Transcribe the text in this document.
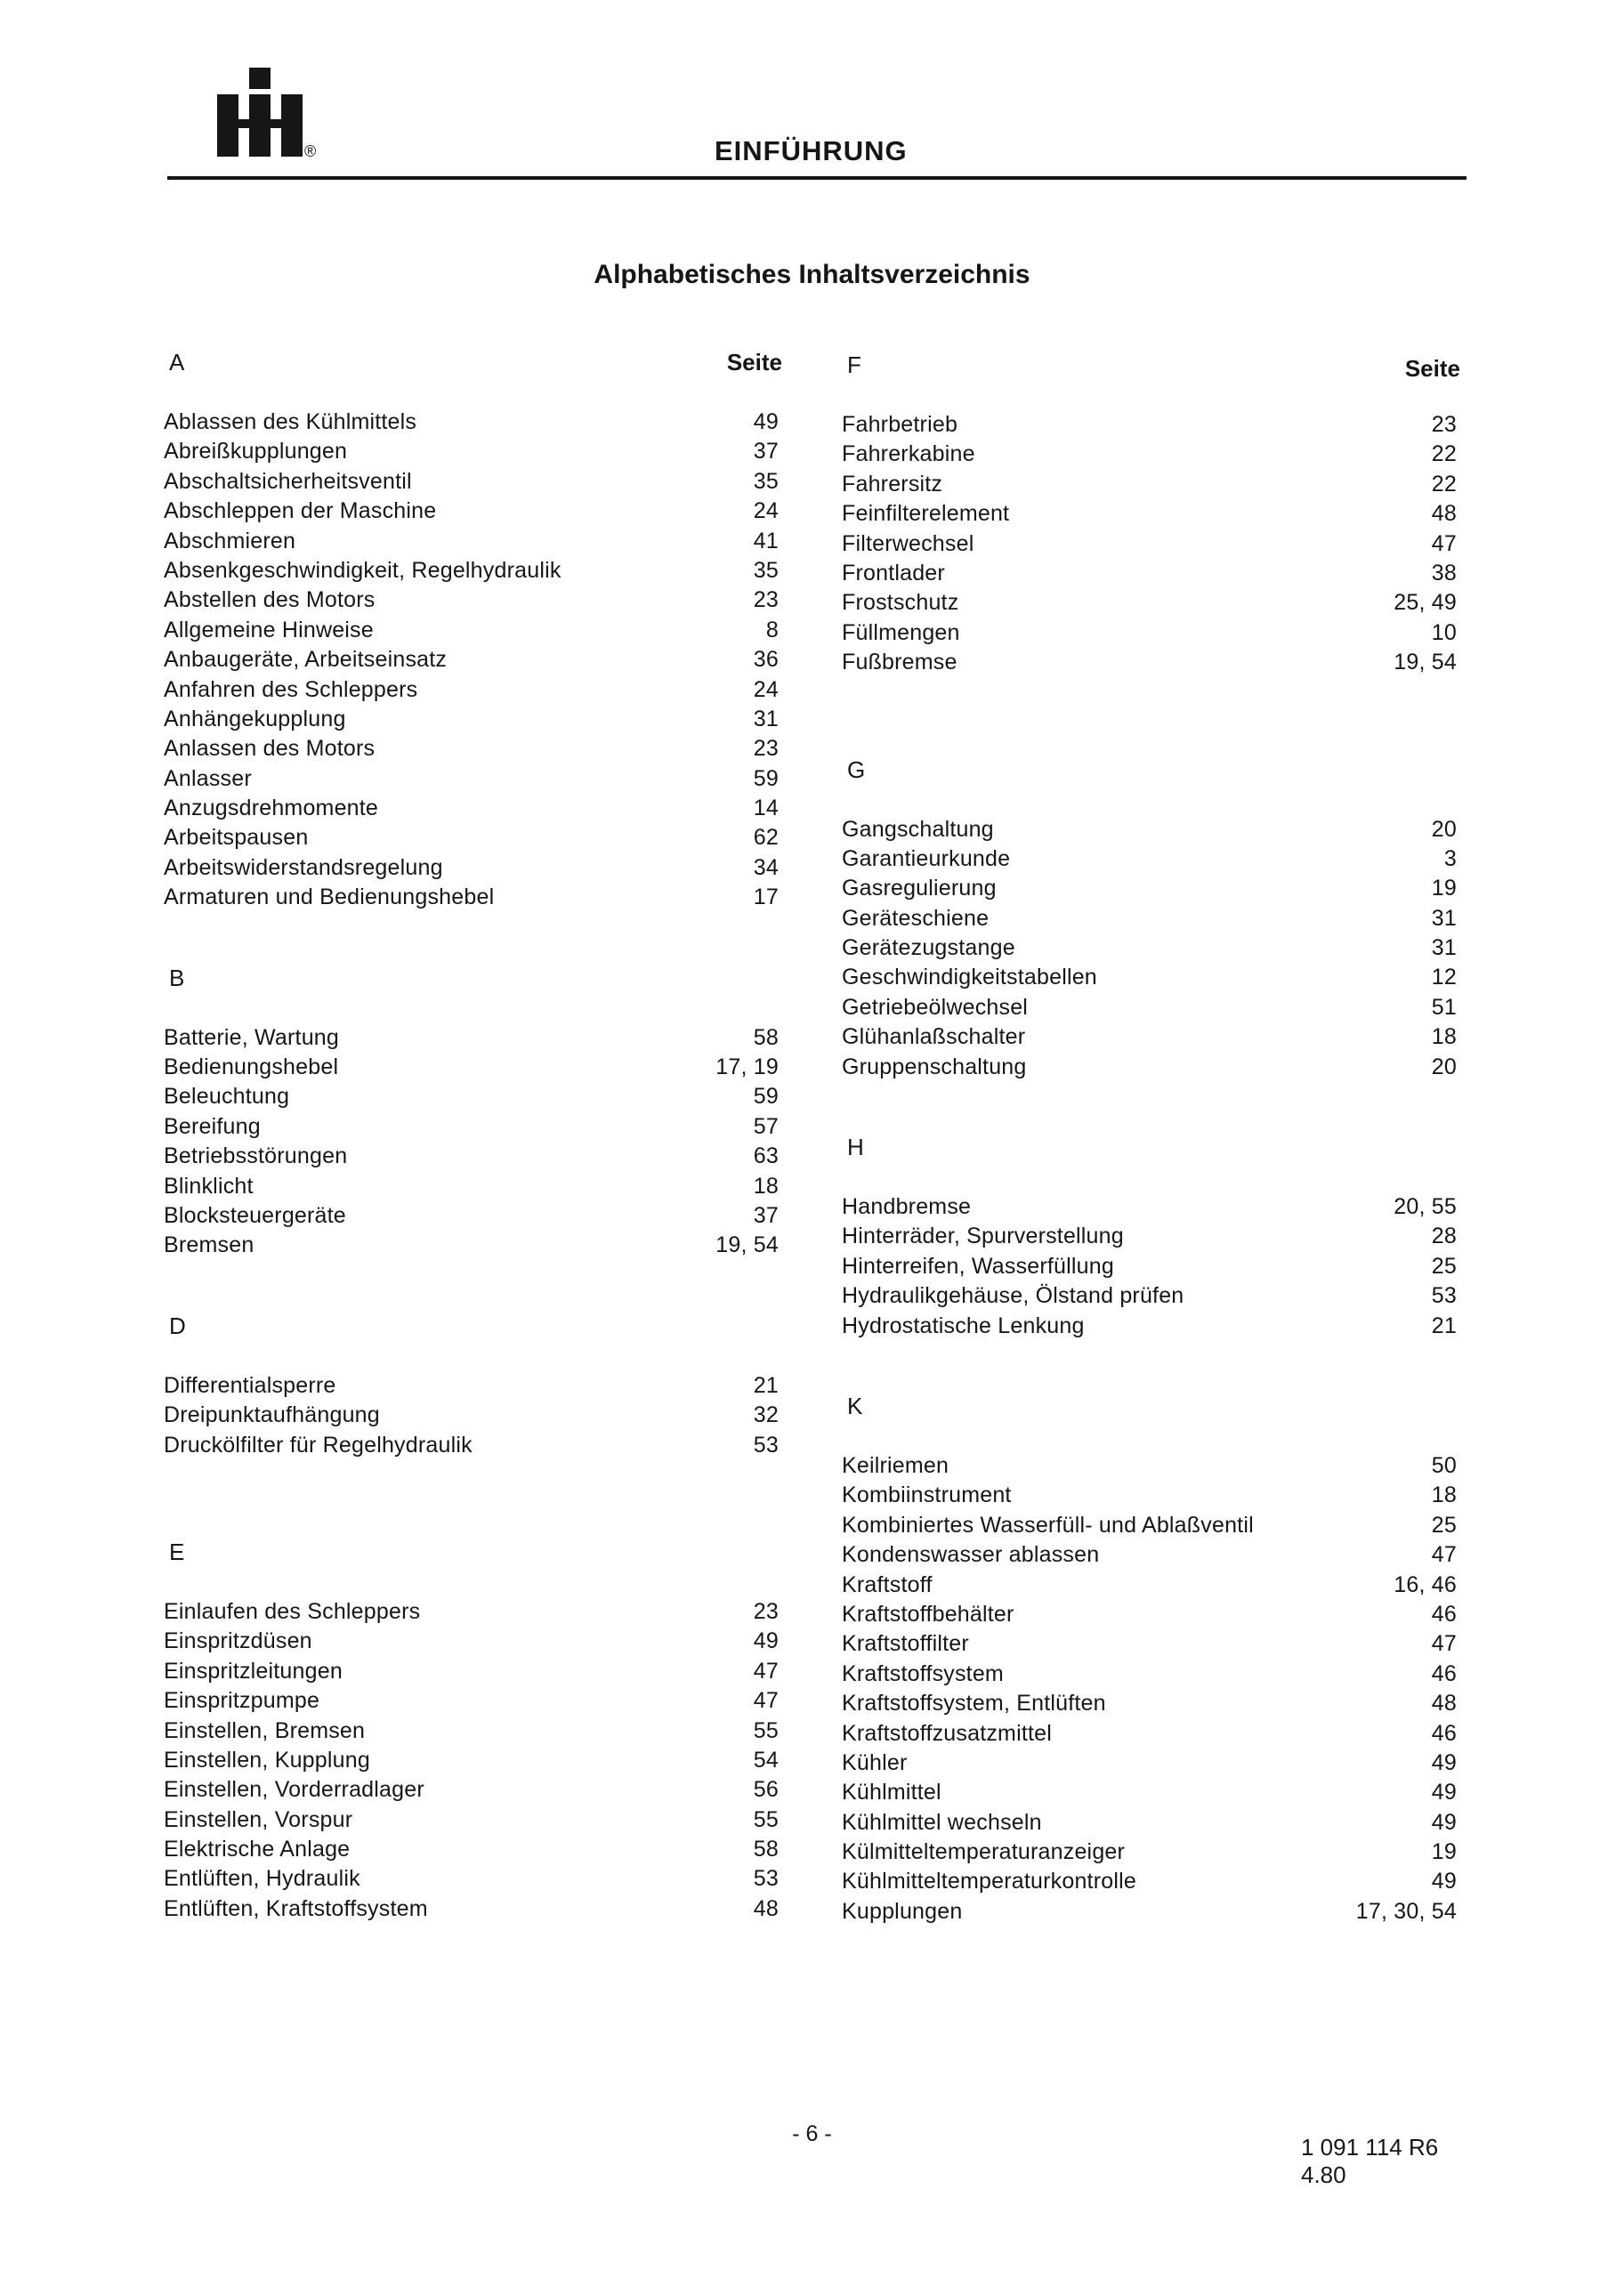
®	EINFÜHRUNG
Alphabetisches Inhaltsverzeichnis
A	Seite
Ablassen des Kühlmittels	49
Abreißkupplungen	37
Abschaltsicherheitsventil	35
Abschleppen der Maschine	24
Abschmieren	41
Absenkgeschwindigkeit, Regelhydraulik	35
Abstellen des Motors	23
Allgemeine Hinweise	8
Anbaugeräte, Arbeitseinsatz	36
Anfahren des Schleppers	24
Anhängekupplung	31
Anlassen des Motors	23
Anlasser	59
Anzugsdrehmomente	14
Arbeitspausen	62
Arbeitswiderstandsregelung	34
Armaturen und Bedienungshebel	17
B
Batterie, Wartung	58
Bedienungshebel	17, 19
Beleuchtung	59
Bereifung	57
Betriebsstörungen	63
Blinklicht	18
Blocksteuergeräte	37
Bremsen	19, 54
D
Differentialsperre	21
Dreipunktaufhängung	32
Druckölfilter für Regelhydraulik	53
E
Einlaufen des Schleppers	23
Einspritzdüsen	49
Einspritzleitungen	47
Einspritzpumpe	47
Einstellen, Bremsen	55
Einstellen, Kupplung	54
Einstellen, Vorderradlager	56
Einstellen, Vorspur	55
Elektrische Anlage	58
Entlüften, Hydraulik	53
Entlüften, Kraftstoffsystem	48
F	Seite
Fahrbetrieb	23
Fahrerkabine	22
Fahrersitz	22
Feinfilterelement	48
Filterwechsel	47
Frontlader	38
Frostschutz	25, 49
Füllmengen	10
Fußbremse	19, 54
G
Gangschaltung	20
Garantieurkunde	3
Gasregulierung	19
Geräteschiene	31
Gerätezugstange	31
Geschwindigkeitstabellen	12
Getriebeölwechsel	51
Glühanlaßschalter	18
Gruppenschaltung	20
H
Handbremse	20, 55
Hinterräder, Spurverstellung	28
Hinterreifen, Wasserfüllung	25
Hydraulikgehäuse, Ölstand prüfen	53
Hydrostatische Lenkung	21
K
Keilriemen	50
Kombiinstrument	18
Kombiniertes Wasserfüll- und Ablaßventil	25
Kondenswasser ablassen	47
Kraftstoff	16, 46
Kraftstoffbehälter	46
Kraftstoffilter	47
Kraftstoffsystem	46
Kraftstoffsystem, Entlüften	48
Kraftstoffzusatzmittel	46
Kühler	49
Kühlmittel	49
Kühlmittel wechseln	49
Külmitteltemperaturanzeiger	19
Kühlmitteltemperaturkontrolle	49
Kupplungen	17, 30, 54
- 6 -	1 091 114 R6
4.80
